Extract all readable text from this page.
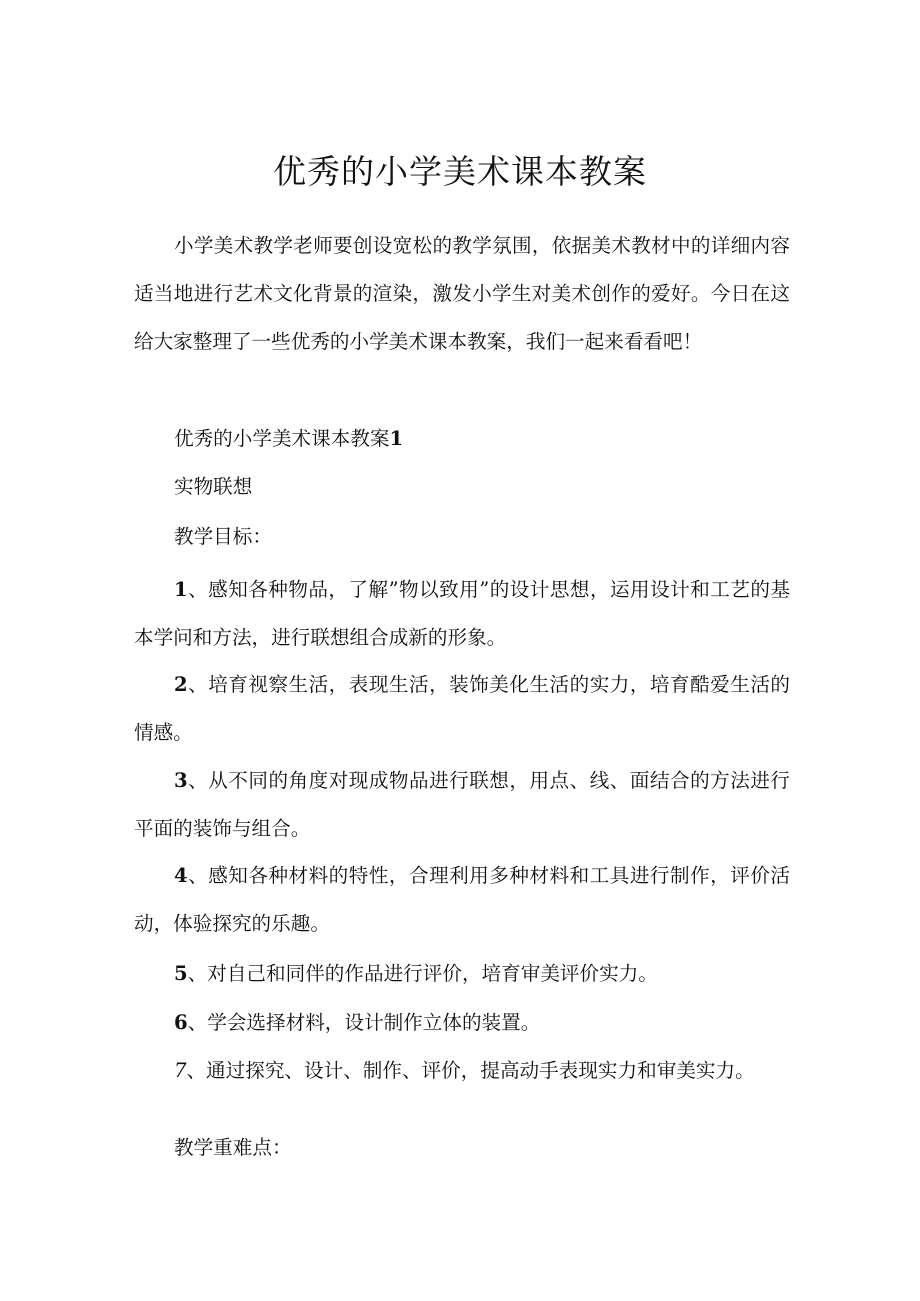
优秀的小学美术课本教案
小学美术教学老师要创设宽松的教学氛围，依据美术教材中的详细内容适当地进行艺术文化背景的渲染，激发小学生对美术创作的爱好。今日在这给大家整理了一些优秀的小学美术课本教案，我们一起来看看吧！
优秀的小学美术课本教案1
实物联想
教学目标：
1、感知各种物品，了解”物以致用”的设计思想，运用设计和工艺的基本学问和方法，进行联想组合成新的形象。
2、培育视察生活，表现生活，装饰美化生活的实力，培育酷爱生活的情感。
3、从不同的角度对现成物品进行联想，用点、线、面结合的方法进行平面的装饰与组合。
4、感知各种材料的特性，合理利用多种材料和工具进行制作，评价活动，体验探究的乐趣。
5、对自己和同伴的作品进行评价，培育审美评价实力。
6、学会选择材料，设计制作立体的装置。
7、通过探究、设计、制作、评价，提高动手表现实力和审美实力。
教学重难点：
